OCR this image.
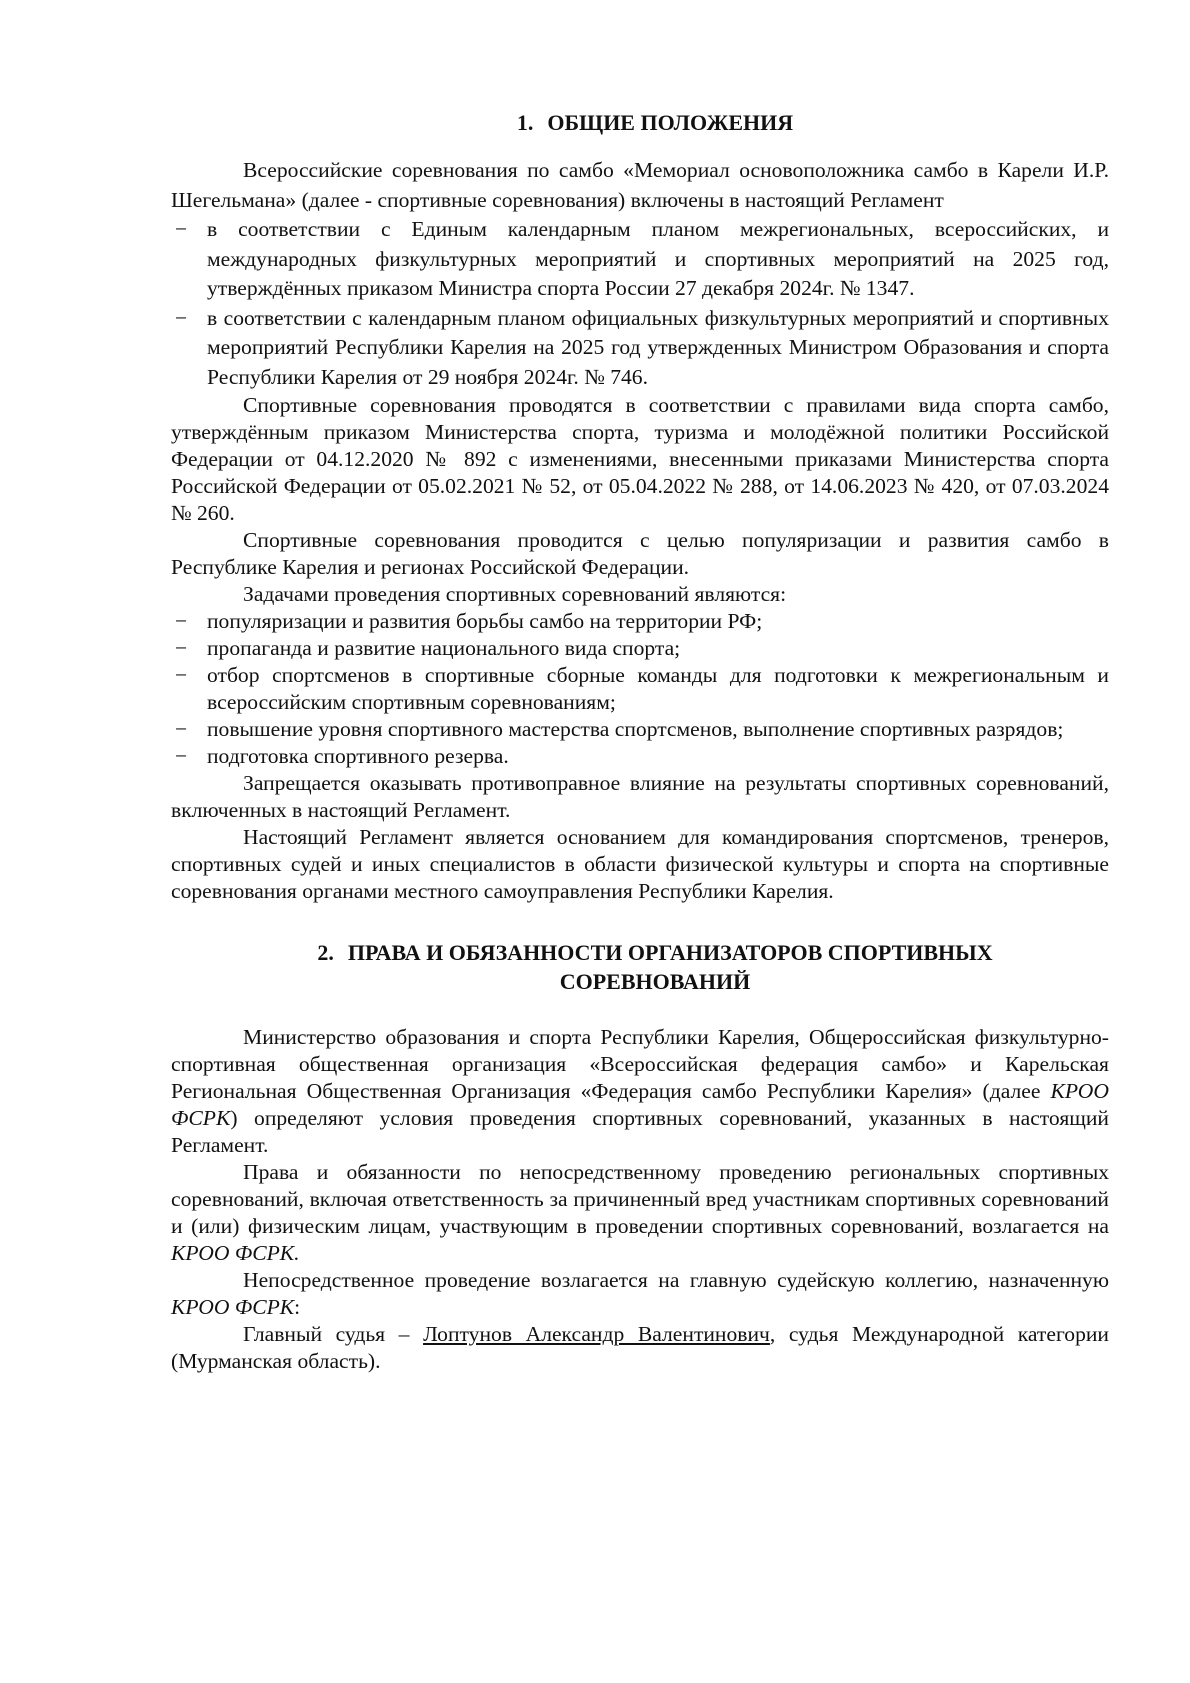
1. ОБЩИЕ ПОЛОЖЕНИЯ

Всероссийские соревнования по самбо «Мемориал основоположника самбо в Карели И.Р. Шегельмана» (далее - спортивные соревнования) включены в настоящий Регламент

− в соответствии с Единым календарным планом межрегиональных, всероссийских, и международных физкультурных мероприятий и спортивных мероприятий на 2025 год, утверждённых приказом Министра спорта России 27 декабря 2024г. № 1347.
− в соответствии с календарным планом официальных физкультурных мероприятий и спортивных мероприятий Республики Карелия на 2025 год утвержденных Министром Образования и спорта Республики Карелия от 29 ноября 2024г. № 746.

Спортивные соревнования проводятся в соответствии с правилами вида спорта самбо, утверждённым приказом Министерства спорта, туризма и молодёжной политики Российской Федерации от 04.12.2020 № 892 с изменениями, внесенными приказами Министерства спорта Российской Федерации от 05.02.2021 № 52, от 05.04.2022 № 288, от 14.06.2023 № 420, от 07.03.2024 № 260.

Спортивные соревнования проводится с целью популяризации и развития самбо в Республике Карелия и регионах Российской Федерации.

Задачами проведения спортивных соревнований являются:

− популяризации и развития борьбы самбо на территории РФ;
− пропаганда и развитие национального вида спорта;
− отбор спортсменов в спортивные сборные команды для подготовки к межрегиональным и всероссийским спортивным соревнованиям;
− повышение уровня спортивного мастерства спортсменов, выполнение спортивных разрядов;
− подготовка спортивного резерва.

Запрещается оказывать противоправное влияние на результаты спортивных соревнований, включенных в настоящий Регламент.

Настоящий Регламент является основанием для командирования спортсменов, тренеров, спортивных судей и иных специалистов в области физической культуры и спорта на спортивные соревнования органами местного самоуправления Республики Карелия.

2. ПРАВА И ОБЯЗАННОСТИ ОРГАНИЗАТОРОВ СПОРТИВНЫХ
СОРЕВНОВАНИЙ

Министерство образования и спорта Республики Карелия, Общероссийская физкультурно-спортивная общественная организация «Всероссийская федерация самбо» и Карельская Региональная Общественная Организация «Федерация самбо Республики Карелия» (далее КРОО ФСРК) определяют условия проведения спортивных соревнований, указанных в настоящий Регламент.

Права и обязанности по непосредственному проведению региональных спортивных соревнований, включая ответственность за причиненный вред участникам спортивных соревнований и (или) физическим лицам, участвующим в проведении спортивных соревнований, возлагается на КРОО ФСРК.

Непосредственное проведение возлагается на главную судейскую коллегию, назначенную КРОО ФСРК:

Главный судья – Лоптунов Александр Валентинович, судья Международной категории (Мурманская область).
